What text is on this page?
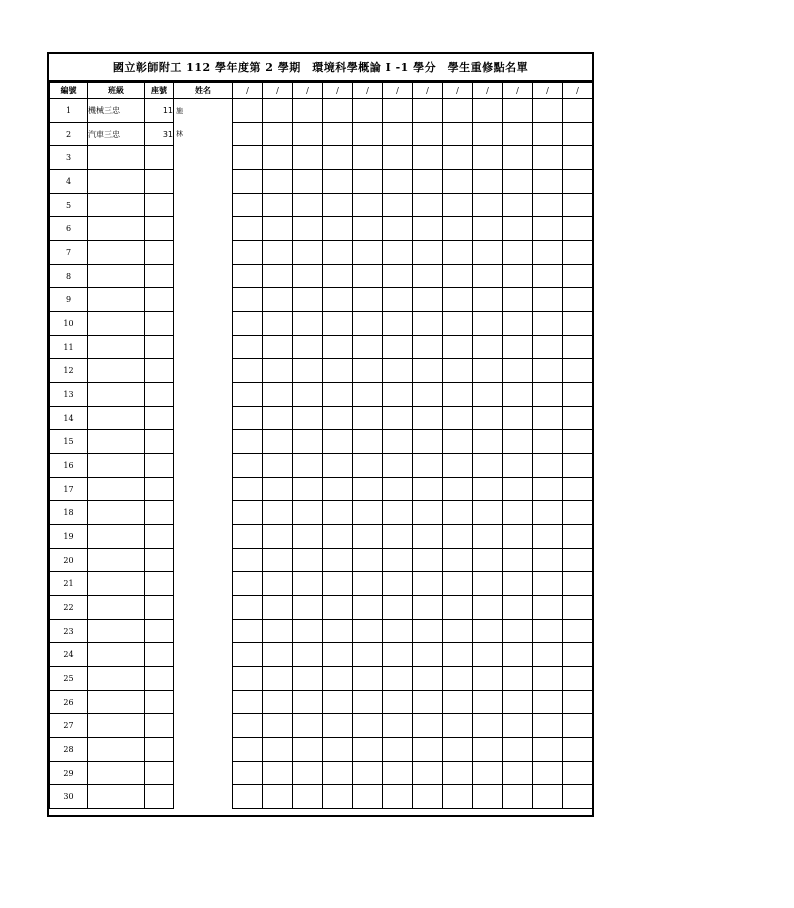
國立彰師附工 112 學年度第 2 學期　環境科學概論 I -1 學分　學生重修點名單
編號	班級	座號	姓名	/	/	/	/	/	/	/	/	/	/	/	/
1	機械三忠	11	施												

2	汽車三忠	31	林												

3			

4			

5			

6			

7			

8			

9			

10			

11			

12			

13			

14			

15			

16			

17			

18			

19			

20			

21			

22			

23			

24			

25			

26			

27			

28			

29			

30			
